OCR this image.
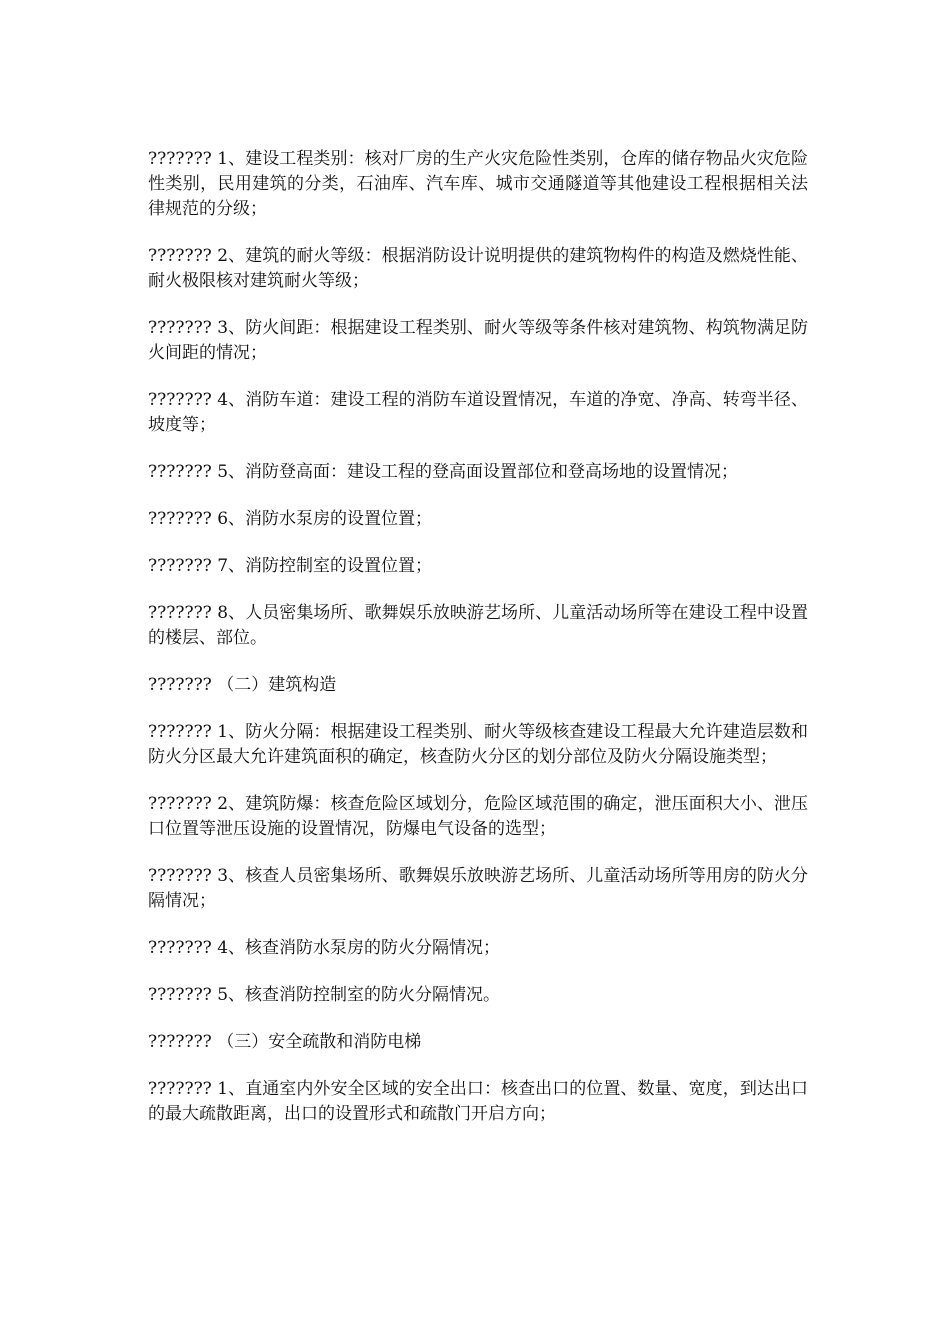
??????? 1、建设工程类别：核对厂房的生产火灾危险性类别，仓库的储存物品火灾危险性类别，民用建筑的分类，石油库、汽车库、城市交通隧道等其他建设工程根据相关法律规范的分级；

??????? 2、建筑的耐火等级：根据消防设计说明提供的建筑物构件的构造及燃烧性能、耐火极限核对建筑耐火等级；

??????? 3、防火间距：根据建设工程类别、耐火等级等条件核对建筑物、构筑物满足防火间距的情况；

??????? 4、消防车道：建设工程的消防车道设置情况，车道的净宽、净高、转弯半径、坡度等；

??????? 5、消防登高面：建设工程的登高面设置部位和登高场地的设置情况；

??????? 6、消防水泵房的设置位置；

??????? 7、消防控制室的设置位置；

??????? 8、人员密集场所、歌舞娱乐放映游艺场所、儿童活动场所等在建设工程中设置的楼层、部位。

??????? （二）建筑构造

??????? 1、防火分隔：根据建设工程类别、耐火等级核查建设工程最大允许建造层数和防火分区最大允许建筑面积的确定，核查防火分区的划分部位及防火分隔设施类型；

??????? 2、建筑防爆：核查危险区域划分，危险区域范围的确定，泄压面积大小、泄压口位置等泄压设施的设置情况，防爆电气设备的选型；

??????? 3、核查人员密集场所、歌舞娱乐放映游艺场所、儿童活动场所等用房的防火分隔情况；

??????? 4、核查消防水泵房的防火分隔情况；

??????? 5、核查消防控制室的防火分隔情况。

??????? （三）安全疏散和消防电梯

??????? 1、直通室内外安全区域的安全出口：核查出口的位置、数量、宽度，到达出口的最大疏散距离，出口的设置形式和疏散门开启方向；
